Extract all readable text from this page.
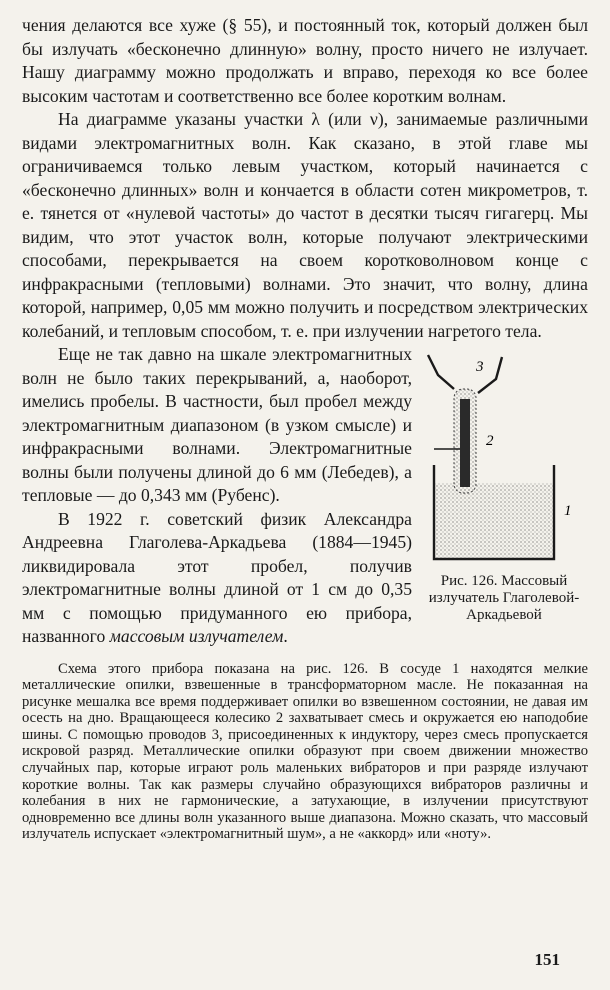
чения делаются все хуже (§ 55), и постоянный ток, который должен был бы излучать «бесконечно длинную» волну, просто ничего не излучает. Нашу диаграмму можно продолжать и вправо, переходя ко все более высоким частотам и соответственно все более коротким волнам.

На диаграмме указаны участки λ (или ν), занимаемые различными видами электромагнитных волн. Как сказано, в этой главе мы ограничиваемся только левым участком, который начинается с «бесконечно длинных» волн и кончается в области сотен микрометров, т. е. тянется от «нулевой частоты» до частот в десятки тысяч гигагерц. Мы видим, что этот участок волн, которые получают электрическими способами, перекрывается на своем коротковолновом конце с инфракрасными (тепловыми) волнами. Это значит, что волну, длина которой, например, 0,05 мм можно получить и посредством электрических колебаний, и тепловым способом, т. е. при излучении нагретого тела.

3
2
1
Рис. 126. Массовый излучатель Глаголевой-Аркадьевой

Еще не так давно на шкале электромагнитных волн не было таких перекрываний, а, наоборот, имелись пробелы. В частности, был пробел между электромагнитным диапазоном (в узком смысле) и инфракрасными волнами. Электромагнитные волны были получены длиной до 6 мм (Лебедев), а тепловые — до 0,343 мм (Рубенс).

В 1922 г. советский физик Александра Андреевна Глаголева-Аркадьева (1884—1945) ликвидировала этот пробел, получив электромагнитные волны длиной от 1 см до 0,35 мм с помощью придуманного ею прибора, названного массовым излучателем.

Схема этого прибора показана на рис. 126. В сосуде 1 находятся мелкие металлические опилки, взвешенные в трансформаторном масле. Не показанная на рисунке мешалка все время поддерживает опилки во взвешенном состоянии, не давая им осесть на дно. Вращающееся колесико 2 захватывает смесь и окружается ею наподобие шины. С помощью проводов 3, присоединенных к индуктору, через смесь пропускается искровой разряд. Металлические опилки образуют при своем движении множество случайных пар, которые играют роль маленьких вибраторов и при разряде излучают короткие волны. Так как размеры случайно образующихся вибраторов различны и колебания в них не гармонические, а затухающие, в излучении присутствуют одновременно все длины волн указанного выше диапазона. Можно сказать, что массовый излучатель испускает «электромагнитный шум», а не «аккорд» или «ноту».

151
